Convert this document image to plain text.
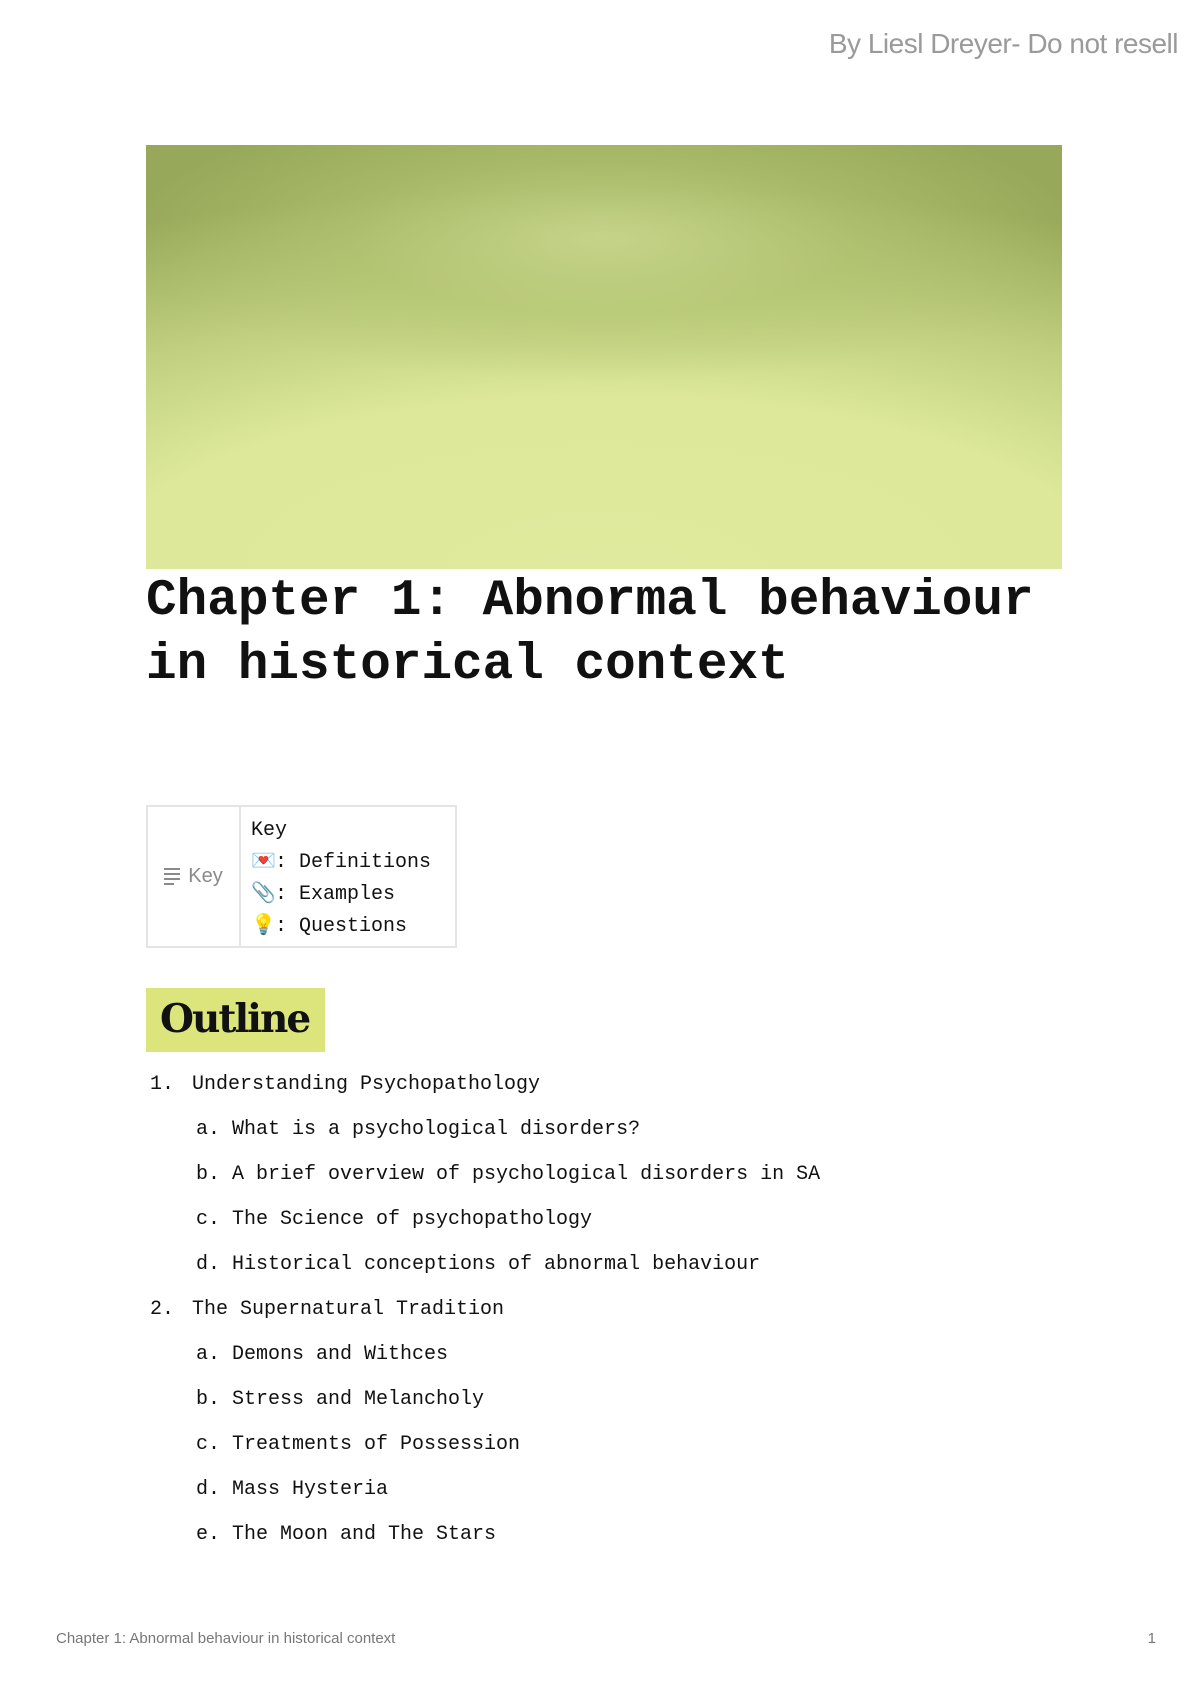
By Liesl Dreyer- Do not resell
Chapter 1: Abnormal behaviour in historical context
Key
Key
💌: Definitions
📎: Examples
💡: Questions
Outline
1. Understanding Psychopathology
a. What is a psychological disorders?
b. A brief overview of psychological disorders in SA
c. The Science of psychopathology
d. Historical conceptions of abnormal behaviour
2. The Supernatural Tradition
a. Demons and Withces
b. Stress and Melancholy
c. Treatments of Possession
d. Mass Hysteria
e. The Moon and The Stars
Chapter 1: Abnormal behaviour in historical context	1
